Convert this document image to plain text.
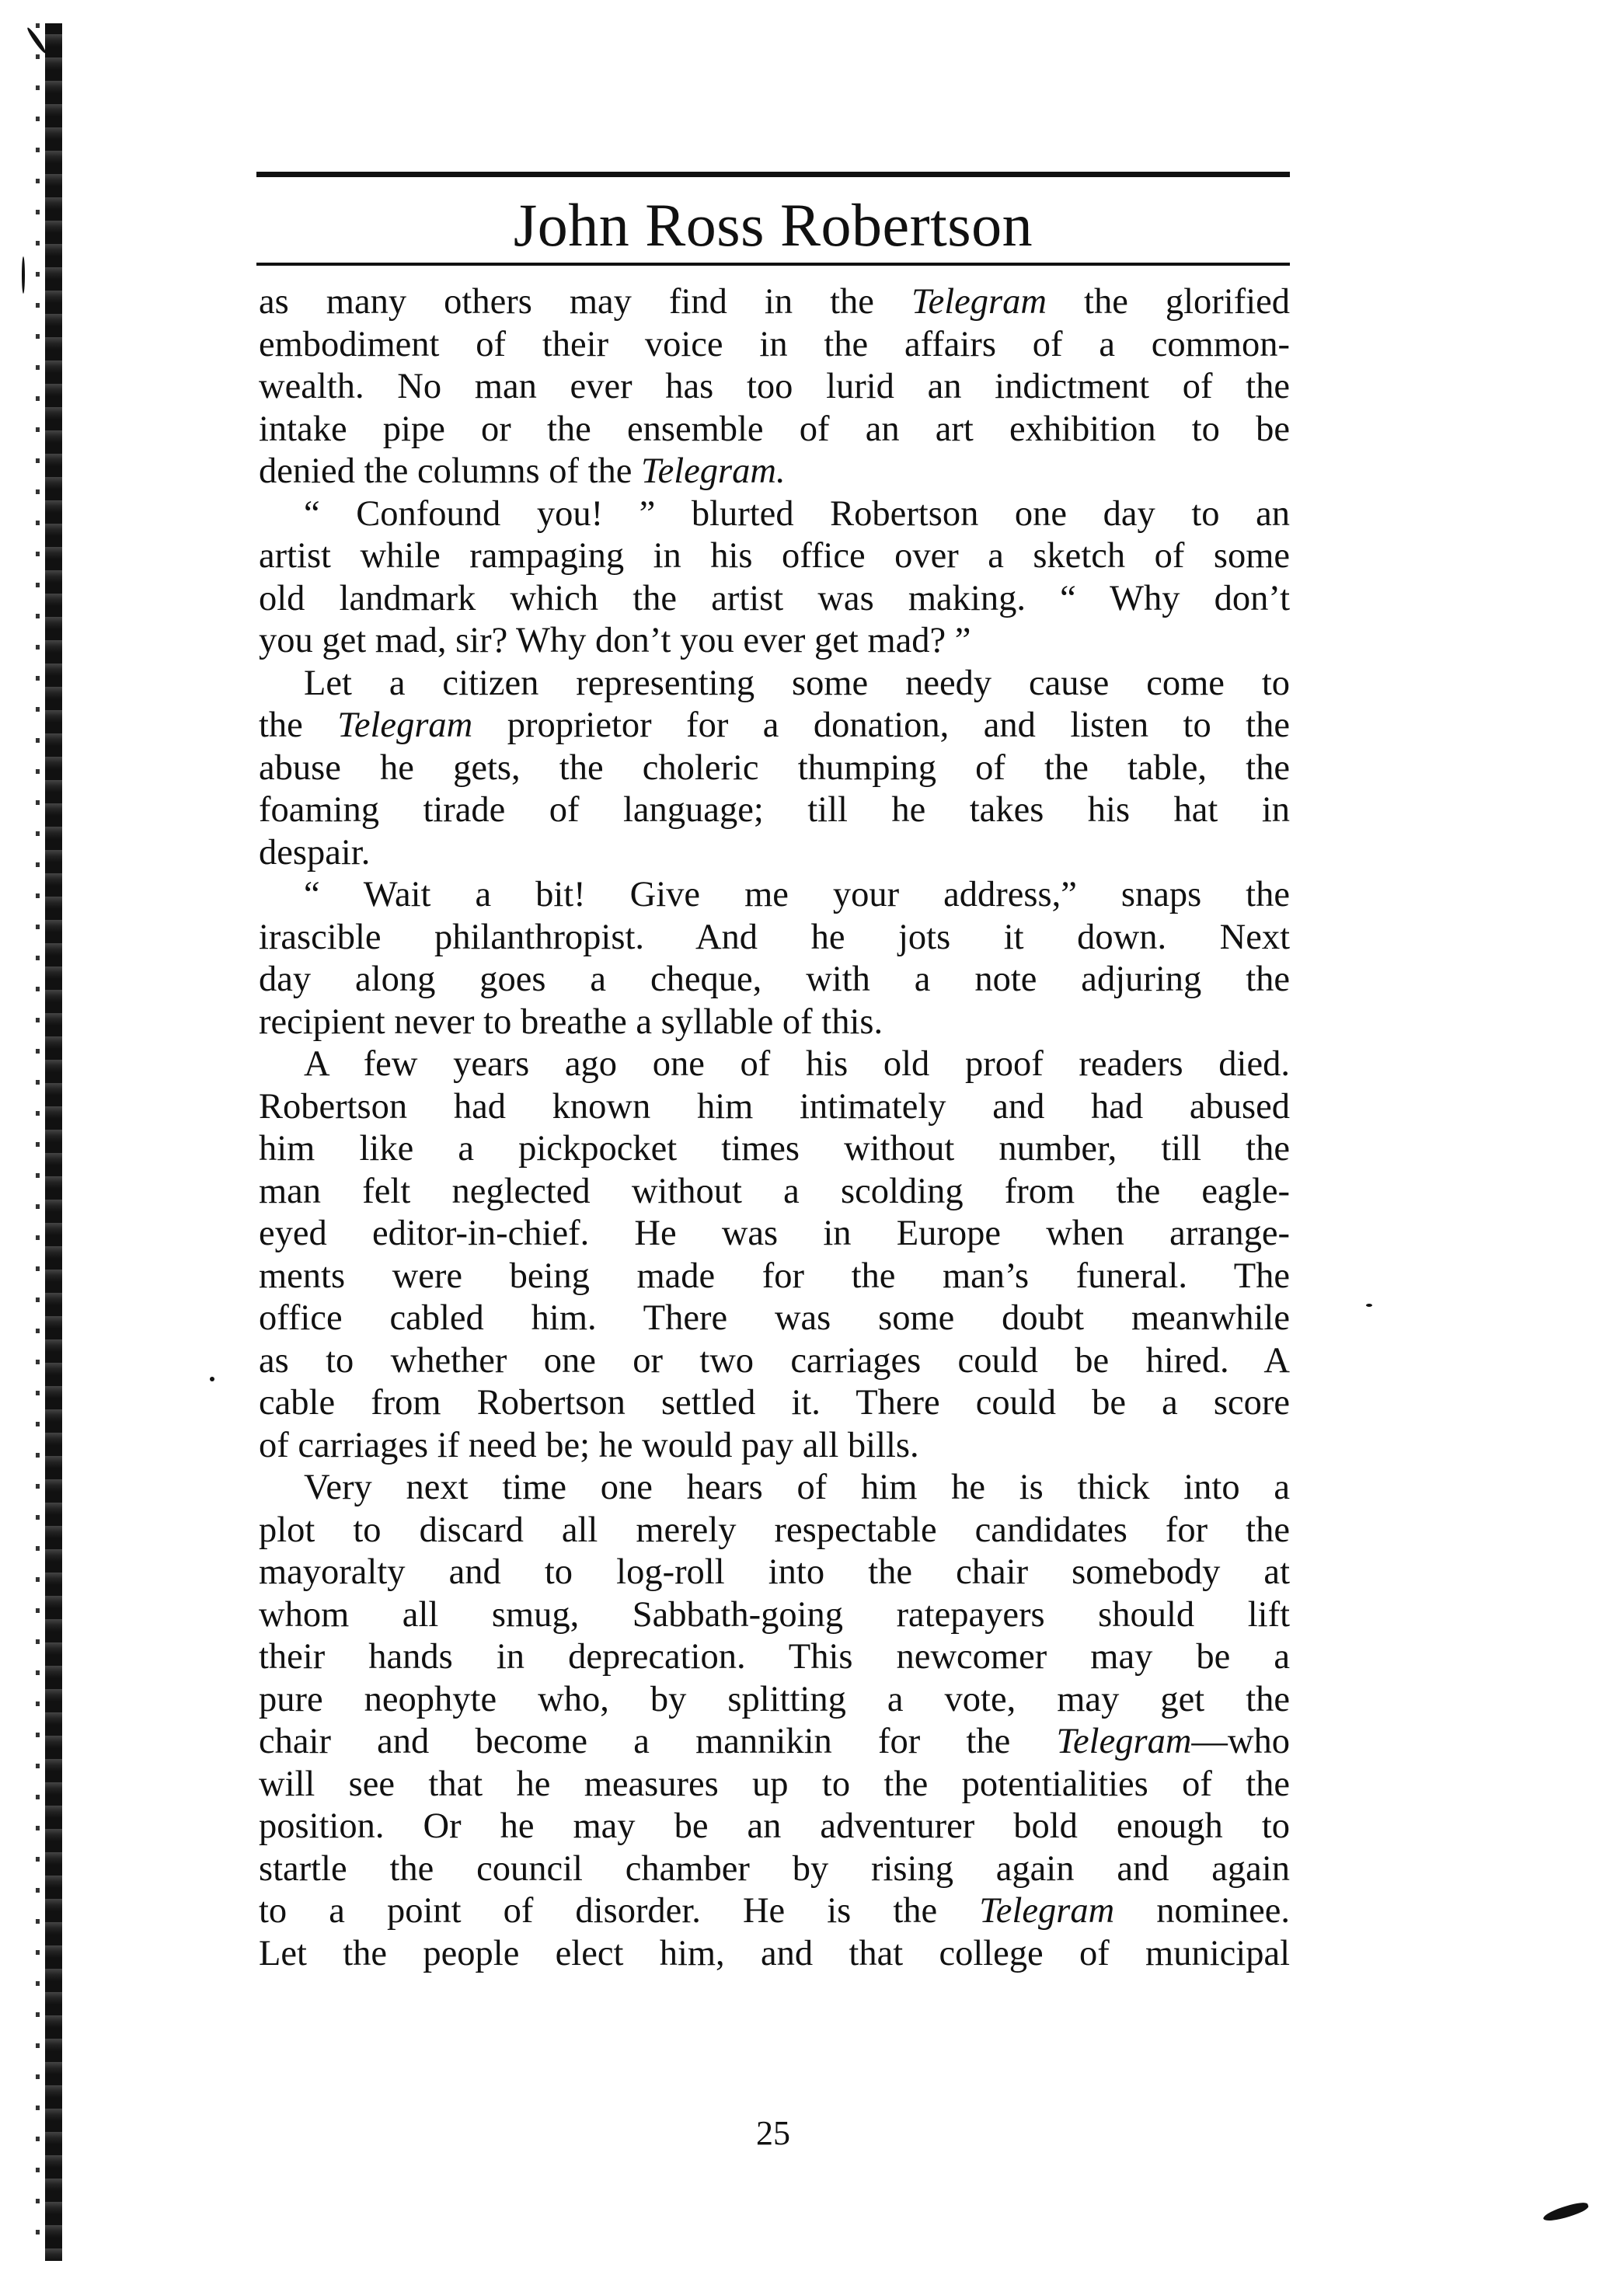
John Ross Robertson
as many others may find in the Telegram the glorified
embodiment of their voice in the affairs of a common-
wealth. No man ever has too lurid an indictment of the
intake pipe or the ensemble of an art exhibition to be
denied the columns of the Telegram.
“ Confound you! ” blurted Robertson one day to an
artist while rampaging in his office over a sketch of some
old landmark which the artist was making. “ Why don’t
you get mad, sir? Why don’t you ever get mad? ”
Let a citizen representing some needy cause come to
the Telegram proprietor for a donation, and listen to the
abuse he gets, the choleric thumping of the table, the
foaming tirade of language; till he takes his hat in
despair.
“ Wait a bit! Give me your address,” snaps the
irascible philanthropist. And he jots it down. Next
day along goes a cheque, with a note adjuring the
recipient never to breathe a syllable of this.
A few years ago one of his old proof readers died.
Robertson had known him intimately and had abused
him like a pickpocket times without number, till the
man felt neglected without a scolding from the eagle-
eyed editor-in-chief. He was in Europe when arrange-
ments were being made for the man’s funeral. The
office cabled him. There was some doubt meanwhile
as to whether one or two carriages could be hired. A
cable from Robertson settled it. There could be a score
of carriages if need be; he would pay all bills.
Very next time one hears of him he is thick into a
plot to discard all merely respectable candidates for the
mayoralty and to log-roll into the chair somebody at
whom all smug, Sabbath-going ratepayers should lift
their hands in deprecation. This newcomer may be a
pure neophyte who, by splitting a vote, may get the
chair and become a mannikin for the Telegram—who
will see that he measures up to the potentialities of the
position. Or he may be an adventurer bold enough to
startle the council chamber by rising again and again
to a point of disorder. He is the Telegram nominee.
Let the people elect him, and that college of municipal
25
